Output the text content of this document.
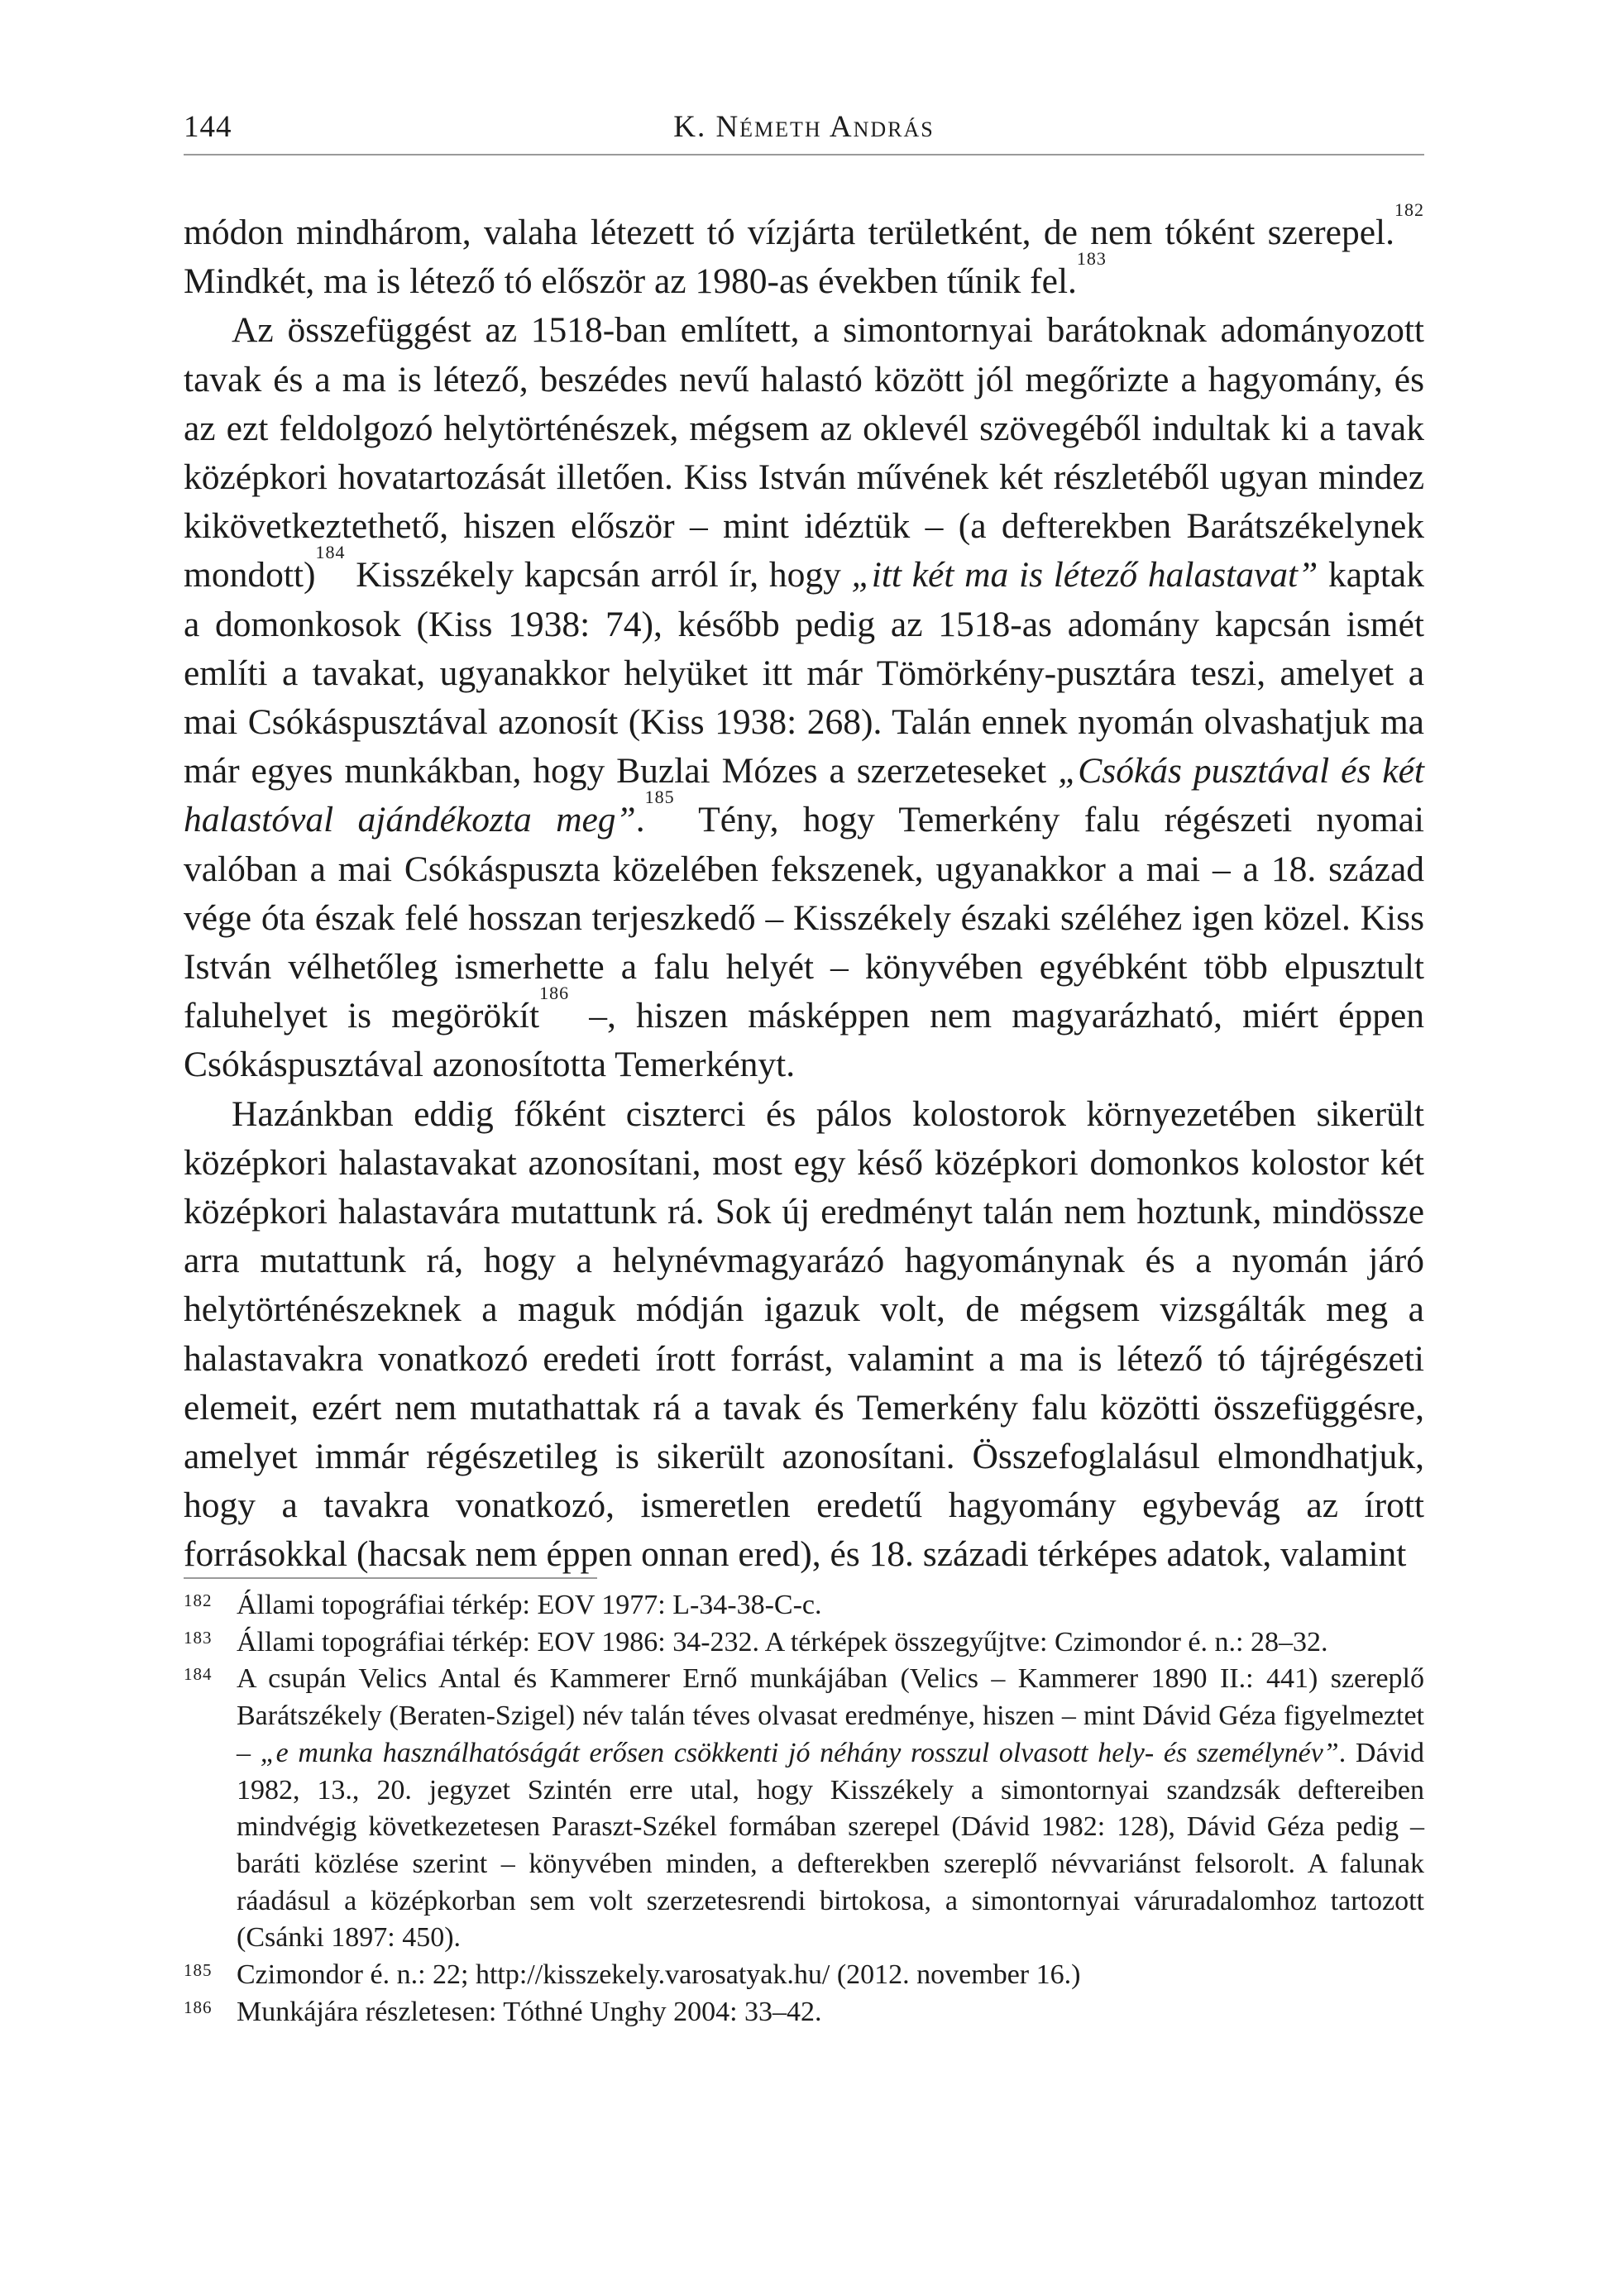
144	K. Németh András

módon mindhárom, valaha létezett tó vízjárta területként, de nem tóként szerepel.$^{182}$ Mindkét, ma is létező tó először az 1980-as években tűnik fel.$^{183}$

Az összefüggést az 1518-ban említett, a simontornyai barátoknak adományozott tavak és a ma is létező, beszédes nevű halastó között jól megőrizte a hagyomány, és az ezt feldolgozó helytörténészek, mégsem az oklevél szövegéből indultak ki a tavak középkori hovatartozását illetően. Kiss István művének két részletéből ugyan mindez kikövetkeztethető, hiszen először – mint idéztük – (a defterekben Barátszékelynek mondott)$^{184}$ Kisszékely kapcsán arról ír, hogy „itt két ma is létező halastavat” kaptak a domonkosok (Kiss 1938: 74), később pedig az 1518-as adomány kapcsán ismét említi a tavakat, ugyanakkor helyüket itt már Tömörkény-pusztára teszi, amelyet a mai Csókáspusztával azonosít (Kiss 1938: 268). Talán ennek nyomán olvashatjuk ma már egyes munkákban, hogy Buzlai Mózes a szerzeteseket „Csókás pusztával és két halastóval ajándékozta meg”.$^{185}$ Tény, hogy Temerkény falu régészeti nyomai valóban a mai Csókáspuszta közelében fekszenek, ugyanakkor a mai – a 18. század vége óta észak felé hosszan terjeszkedő – Kisszékely északi széléhez igen közel. Kiss István vélhetőleg ismerhette a falu helyét – könyvében egyébként több elpusztult faluhelyet is megörökít$^{186}$ –, hiszen másképpen nem magyarázható, miért éppen Csókáspusztával azonosította Temerkényt.

Hazánkban eddig főként ciszterci és pálos kolostorok környezetében sikerült középkori halastavakat azonosítani, most egy késő középkori domonkos kolostor két középkori halastavára mutattunk rá. Sok új eredményt talán nem hoztunk, mindössze arra mutattunk rá, hogy a helynévmagyarázó hagyománynak és a nyomán járó helytörténészeknek a maguk módján igazuk volt, de mégsem vizsgálták meg a halastavakra vonatkozó eredeti írott forrást, valamint a ma is létező tó tájrégészeti elemeit, ezért nem mutathattak rá a tavak és Temerkény falu közötti összefüggésre, amelyet immár régészetileg is sikerült azonosítani. Összefoglalásul elmondhatjuk, hogy a tavakra vonatkozó, ismeretlen eredetű hagyomány egybevág az írott forrásokkal (hacsak nem éppen onnan ered), és 18. századi térképes adatok, valamint

182 Állami topográfiai térkép: EOV 1977: L-34-38-C-c.
183 Állami topográfiai térkép: EOV 1986: 34-232. A térképek összegyűjtve: Czimondor é. n.: 28–32.
184 A csupán Velics Antal és Kammerer Ernő munkájában (Velics – Kammerer 1890 II.: 441) szereplő Barátszékely (Beraten-Szigel) név talán téves olvasat eredménye, hiszen – mint Dávid Géza figyelmeztet – „e munka használhatóságát erősen csökkenti jó néhány rosszul olvasott hely- és személynév”. Dávid 1982, 13., 20. jegyzet Szintén erre utal, hogy Kisszékely a simontornyai szandzsák deftereiben mindvégig következetesen Paraszt-Székel formában szerepel (Dávid 1982: 128), Dávid Géza pedig – baráti közlése szerint – könyvében minden, a defterekben szereplő névvariánst felsorolt. A falunak ráadásul a középkorban sem volt szerzetesrendi birtokosa, a simontornyai váruradalomhoz tartozott (Csánki 1897: 450).
185 Czimondor é. n.: 22; http://kisszekely.varosatyak.hu/ (2012. november 16.)
186 Munkájára részletesen: Tóthné Unghy 2004: 33–42.
